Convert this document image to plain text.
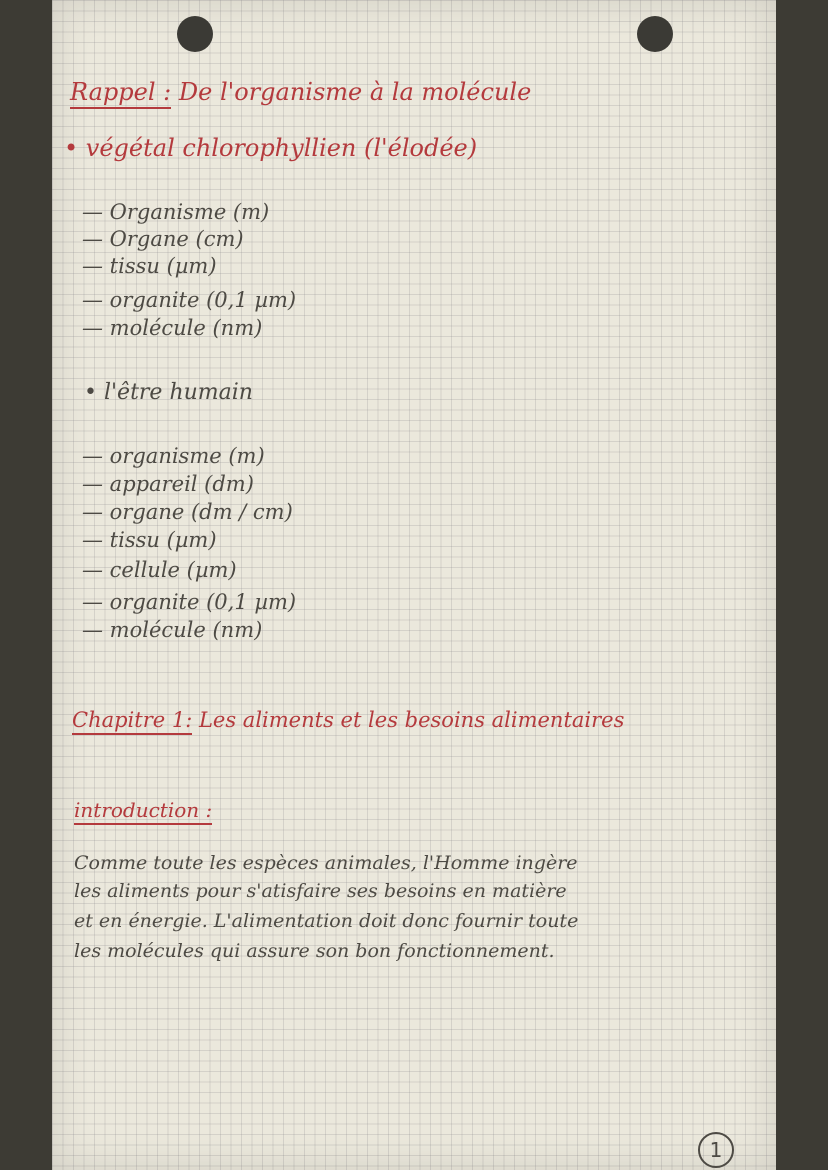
Rappel : De l'organisme à la molécule
• végétal chlorophyllien (l'élodée)
— Organisme (m)
— Organe (cm)
— tissu (µm)
— organite (0,1 µm)
— molécule (nm)
• l'être humain
— organisme (m)
— appareil (dm)
— organe (dm / cm)
— tissu (µm)
— cellule (µm)
— organite (0,1 µm)
— molécule (nm)
Chapitre 1: Les aliments et les besoins alimentaires
introduction :
Comme toute les espèces animales, l'Homme ingère
les aliments pour s'atisfaire ses besoins en matière
et en énergie. L'alimentation doit donc fournir toute
les molécules qui assure son bon fonctionnement.
1
